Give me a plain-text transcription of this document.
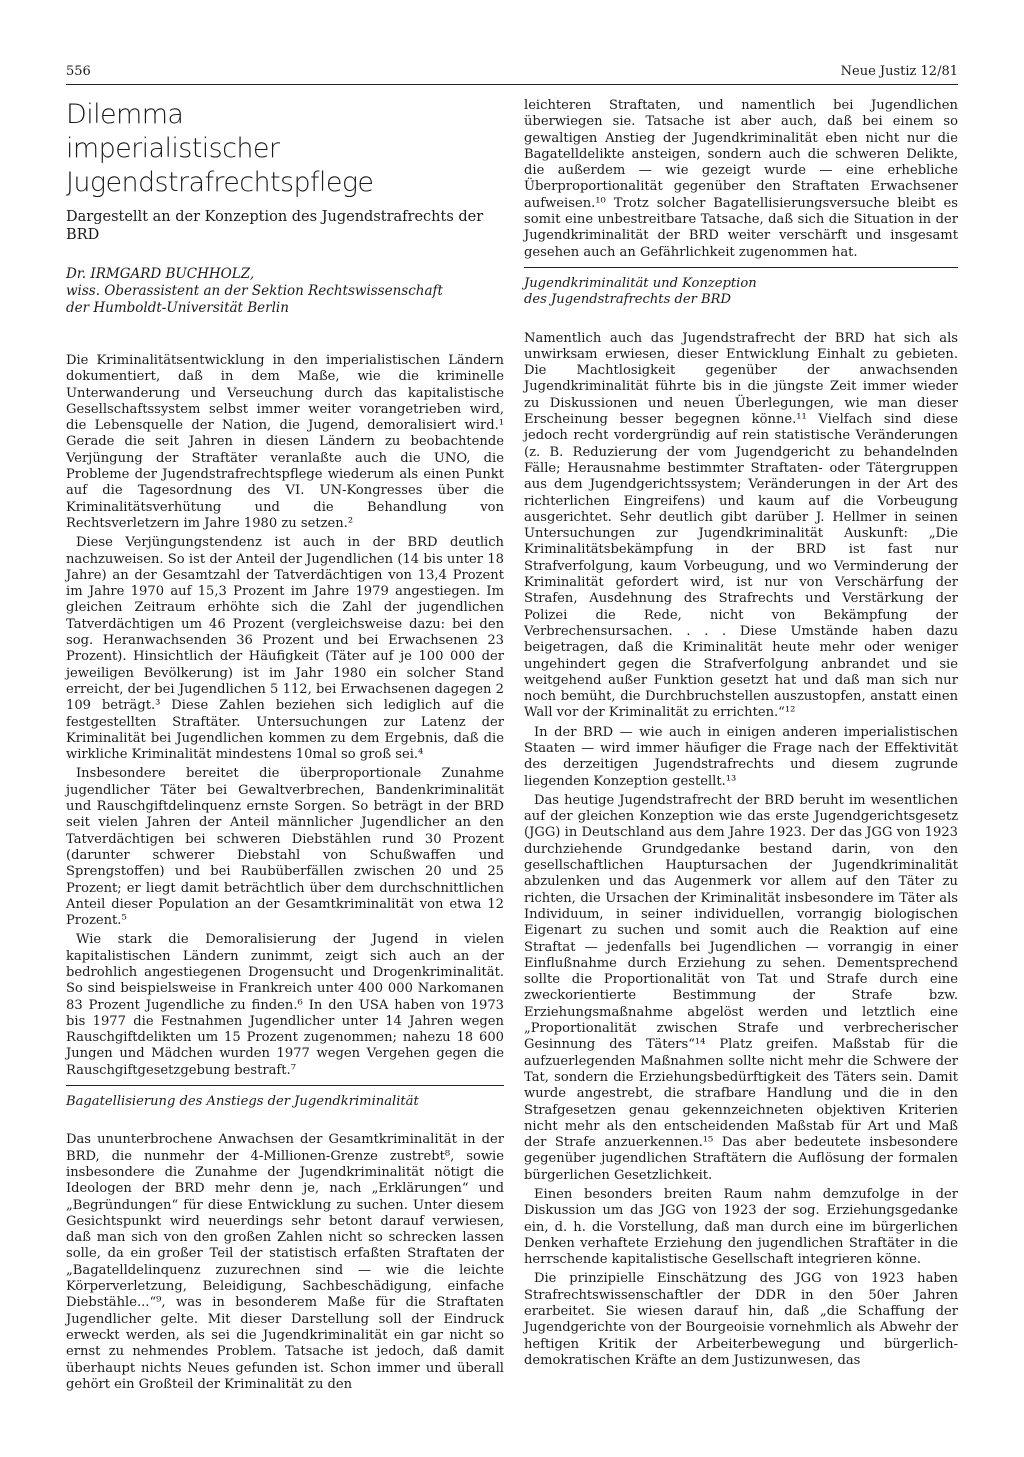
556	Neue Justiz 12/81
Dilemma
imperialistischer Jugendstrafrechtspflege

Dargestellt an der Konzeption des Jugendstrafrechts der BRD

Dr. IRMGARD BUCHHOLZ,
wiss. Oberassistent an der Sektion Rechtswissenschaft
der Humboldt-Universität Berlin

Die Kriminalitätsentwicklung in den imperialistischen Ländern dokumentiert, daß in dem Maße, wie die kriminelle Unterwanderung und Verseuchung durch das kapitalistische Gesellschaftssystem selbst immer weiter vorangetrieben wird, die Lebensquelle der Nation, die Jugend, demoralisiert wird.¹ Gerade die seit Jahren in diesen Ländern zu beobachtende Verjüngung der Straftäter veranlaßte auch die UNO, die Probleme der Jugendstrafrechtspflege wiederum als einen Punkt auf die Tagesordnung des VI. UN-Kongresses über die Kriminalitätsverhütung und die Behandlung von Rechtsverletzern im Jahre 1980 zu setzen.²

Diese Verjüngungstendenz ist auch in der BRD deutlich nachzuweisen. So ist der Anteil der Jugendlichen (14 bis unter 18 Jahre) an der Gesamtzahl der Tatverdächtigen von 13,4 Prozent im Jahre 1970 auf 15,3 Prozent im Jahre 1979 angestiegen. Im gleichen Zeitraum erhöhte sich die Zahl der jugendlichen Tatverdächtigen um 46 Prozent (vergleichsweise dazu: bei den sog. Heranwachsenden 36 Prozent und bei Erwachsenen 23 Prozent). Hinsichtlich der Häufigkeit (Täter auf je 100 000 der jeweiligen Bevölkerung) ist im Jahr 1980 ein solcher Stand erreicht, der bei Jugendlichen 5 112, bei Erwachsenen dagegen 2 109 beträgt.³ Diese Zahlen beziehen sich lediglich auf die festgestellten Straftäter. Untersuchungen zur Latenz der Kriminalität bei Jugendlichen kommen zu dem Ergebnis, daß die wirkliche Kriminalität mindestens 10mal so groß sei.⁴

Insbesondere bereitet die überproportionale Zunahme jugendlicher Täter bei Gewaltverbrechen, Bandenkriminalität und Rauschgiftdelinquenz ernste Sorgen. So beträgt in der BRD seit vielen Jahren der Anteil männlicher Jugendlicher an den Tatverdächtigen bei schweren Diebstählen rund 30 Prozent (darunter schwerer Diebstahl von Schußwaffen und Sprengstoffen) und bei Raubüberfällen zwischen 20 und 25 Prozent; er liegt damit beträchtlich über dem durchschnittlichen Anteil dieser Population an der Gesamtkriminalität von etwa 12 Prozent.⁵

Wie stark die Demoralisierung der Jugend in vielen kapitalistischen Ländern zunimmt, zeigt sich auch an der bedrohlich angestiegenen Drogensucht und Drogenkriminalität. So sind beispielsweise in Frankreich unter 400 000 Narkomanen 83 Prozent Jugendliche zu finden.⁶ In den USA haben von 1973 bis 1977 die Festnahmen Jugendlicher unter 14 Jahren wegen Rauschgiftdelikten um 15 Prozent zugenommen; nahezu 18 600 Jungen und Mädchen wurden 1977 wegen Vergehen gegen die Rauschgiftgesetzgebung bestraft.⁷

Bagatellisierung des Anstiegs der Jugendkriminalität

Das ununterbrochene Anwachsen der Gesamtkriminalität in der BRD, die nunmehr der 4-Millionen-Grenze zustrebt⁸, sowie insbesondere die Zunahme der Jugendkriminalität nötigt die Ideologen der BRD mehr denn je, nach „Erklärungen“ und „Begründungen“ für diese Entwicklung zu suchen. Unter diesem Gesichtspunkt wird neuerdings sehr betont darauf verwiesen, daß man sich von den großen Zahlen nicht so schrecken lassen solle, da ein großer Teil der statistisch erfaßten Straftaten der „Bagatelldelinquenz zuzurechnen sind — wie die leichte Körperverletzung, Beleidigung, Sachbeschädigung, einfache Diebstähle...“⁹, was in besonderem Maße für die Straftaten Jugendlicher gelte. Mit dieser Darstellung soll der Eindruck erweckt werden, als sei die Jugendkriminalität ein gar nicht so ernst zu nehmendes Problem. Tatsache ist jedoch, daß damit überhaupt nichts Neues gefunden ist. Schon immer und überall gehört ein Großteil der Kriminalität zu den

leichteren Straftaten, und namentlich bei Jugendlichen überwiegen sie. Tatsache ist aber auch, daß bei einem so gewaltigen Anstieg der Jugendkriminalität eben nicht nur die Bagatelldelikte ansteigen, sondern auch die schweren Delikte, die außerdem — wie gezeigt wurde — eine erhebliche Überproportionalität gegenüber den Straftaten Erwachsener aufweisen.¹⁰ Trotz solcher Bagatellisierungsversuche bleibt es somit eine unbestreitbare Tatsache, daß sich die Situation in der Jugendkriminalität der BRD weiter verschärft und insgesamt gesehen auch an Gefährlichkeit zugenommen hat.

Jugendkriminalität und Konzeption
des Jugendstrafrechts der BRD

Namentlich auch das Jugendstrafrecht der BRD hat sich als unwirksam erwiesen, dieser Entwicklung Einhalt zu gebieten. Die Machtlosigkeit gegenüber der anwachsenden Jugendkriminalität führte bis in die jüngste Zeit immer wieder zu Diskussionen und neuen Überlegungen, wie man dieser Erscheinung besser begegnen könne.¹¹ Vielfach sind diese jedoch recht vordergründig auf rein statistische Veränderungen (z. B. Reduzierung der vom Jugendgericht zu behandelnden Fälle; Herausnahme bestimmter Straftaten- oder Tätergruppen aus dem Jugendgerichtssystem; Veränderungen in der Art des richterlichen Eingreifens) und kaum auf die Vorbeugung ausgerichtet. Sehr deutlich gibt darüber J. Hellmer in seinen Untersuchungen zur Jugendkriminalität Auskunft: „Die Kriminalitätsbekämpfung in der BRD ist fast nur Strafverfolgung, kaum Vorbeugung, und wo Verminderung der Kriminalität gefordert wird, ist nur von Verschärfung der Strafen, Ausdehnung des Strafrechts und Verstärkung der Polizei die Rede, nicht von Bekämpfung der Verbrechensursachen. . . . Diese Umstände haben dazu beigetragen, daß die Kriminalität heute mehr oder weniger ungehindert gegen die Strafverfolgung anbrandet und sie weitgehend außer Funktion gesetzt hat und daß man sich nur noch bemüht, die Durchbruchstellen auszustopfen, anstatt einen Wall vor der Kriminalität zu errichten.“¹²

In der BRD — wie auch in einigen anderen imperialistischen Staaten — wird immer häufiger die Frage nach der Effektivität des derzeitigen Jugendstrafrechts und diesem zugrunde liegenden Konzeption gestellt.¹³

Das heutige Jugendstrafrecht der BRD beruht im wesentlichen auf der gleichen Konzeption wie das erste Jugendgerichtsgesetz (JGG) in Deutschland aus dem Jahre 1923. Der das JGG von 1923 durchziehende Grundgedanke bestand darin, von den gesellschaftlichen Hauptursachen der Jugendkriminalität abzulenken und das Augenmerk vor allem auf den Täter zu richten, die Ursachen der Kriminalität insbesondere im Täter als Individuum, in seiner individuellen, vorrangig biologischen Eigenart zu suchen und somit auch die Reaktion auf eine Straftat — jedenfalls bei Jugendlichen — vorrangig in einer Einflußnahme durch Erziehung zu sehen. Dementsprechend sollte die Proportionalität von Tat und Strafe durch eine zweckorientierte Bestimmung der Strafe bzw. Erziehungsmaßnahme abgelöst werden und letztlich eine „Proportionalität zwischen Strafe und verbrecherischer Gesinnung des Täters“¹⁴ Platz greifen. Maßstab für die aufzuerlegenden Maßnahmen sollte nicht mehr die Schwere der Tat, sondern die Erziehungsbedürftigkeit des Täters sein. Damit wurde angestrebt, die strafbare Handlung und die in den Strafgesetzen genau gekennzeichneten objektiven Kriterien nicht mehr als den entscheidenden Maßstab für Art und Maß der Strafe anzuerkennen.¹⁵ Das aber bedeutete insbesondere gegenüber jugendlichen Straftätern die Auflösung der formalen bürgerlichen Gesetzlichkeit.

Einen besonders breiten Raum nahm demzufolge in der Diskussion um das JGG von 1923 der sog. Erziehungsgedanke ein, d. h. die Vorstellung, daß man durch eine im bürgerlichen Denken verhaftete Erziehung den jugendlichen Straftäter in die herrschende kapitalistische Gesellschaft integrieren könne.

Die prinzipielle Einschätzung des JGG von 1923 haben Strafrechtswissenschaftler der DDR in den 50er Jahren erarbeitet. Sie wiesen darauf hin, daß „die Schaffung der Jugendgerichte von der Bourgeoisie vornehmlich als Abwehr der heftigen Kritik der Arbeiterbewegung und bürgerlich-demokratischen Kräfte an dem Justizunwesen, das
